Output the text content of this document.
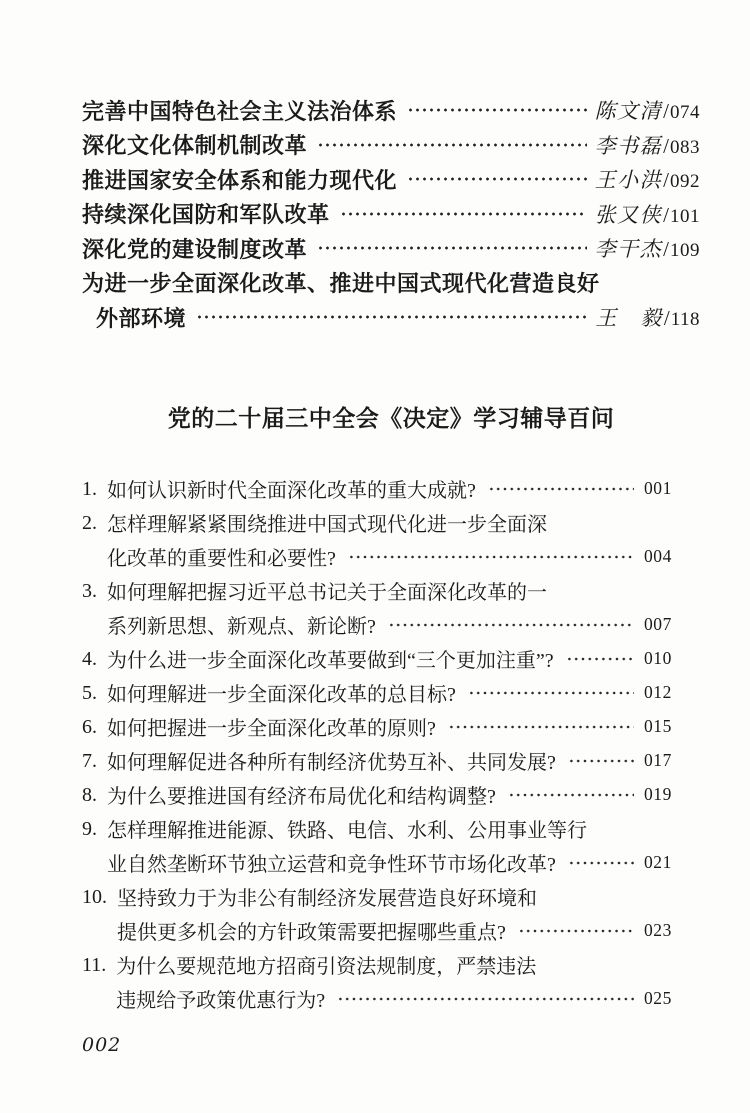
完善中国特色社会主义法治体系	陈文清/074
深化文化体制机制改革	李书磊/083
推进国家安全体系和能力现代化	王小洪/092
持续深化国防和军队改革	张又侠/101
深化党的建设制度改革	李干杰/109
为进一步全面深化改革、推进中国式现代化营造良好
外部环境	王　毅/118
党的二十届三中全会《决定》学习辅导百问
1. 如何认识新时代全面深化改革的重大成就?	001
2. 怎样理解紧紧围绕推进中国式现代化进一步全面深
化改革的重要性和必要性?	004
3. 如何理解把握习近平总书记关于全面深化改革的一
系列新思想、新观点、新论断?	007
4. 为什么进一步全面深化改革要做到“三个更加注重”?	010
5. 如何理解进一步全面深化改革的总目标?	012
6. 如何把握进一步全面深化改革的原则?	015
7. 如何理解促进各种所有制经济优势互补、共同发展?	017
8. 为什么要推进国有经济布局优化和结构调整?	019
9. 怎样理解推进能源、铁路、电信、水利、公用事业等行
业自然垄断环节独立运营和竞争性环节市场化改革?	021
10. 坚持致力于为非公有制经济发展营造良好环境和
提供更多机会的方针政策需要把握哪些重点?	023
11. 为什么要规范地方招商引资法规制度，严禁违法
违规给予政策优惠行为?	025
002
